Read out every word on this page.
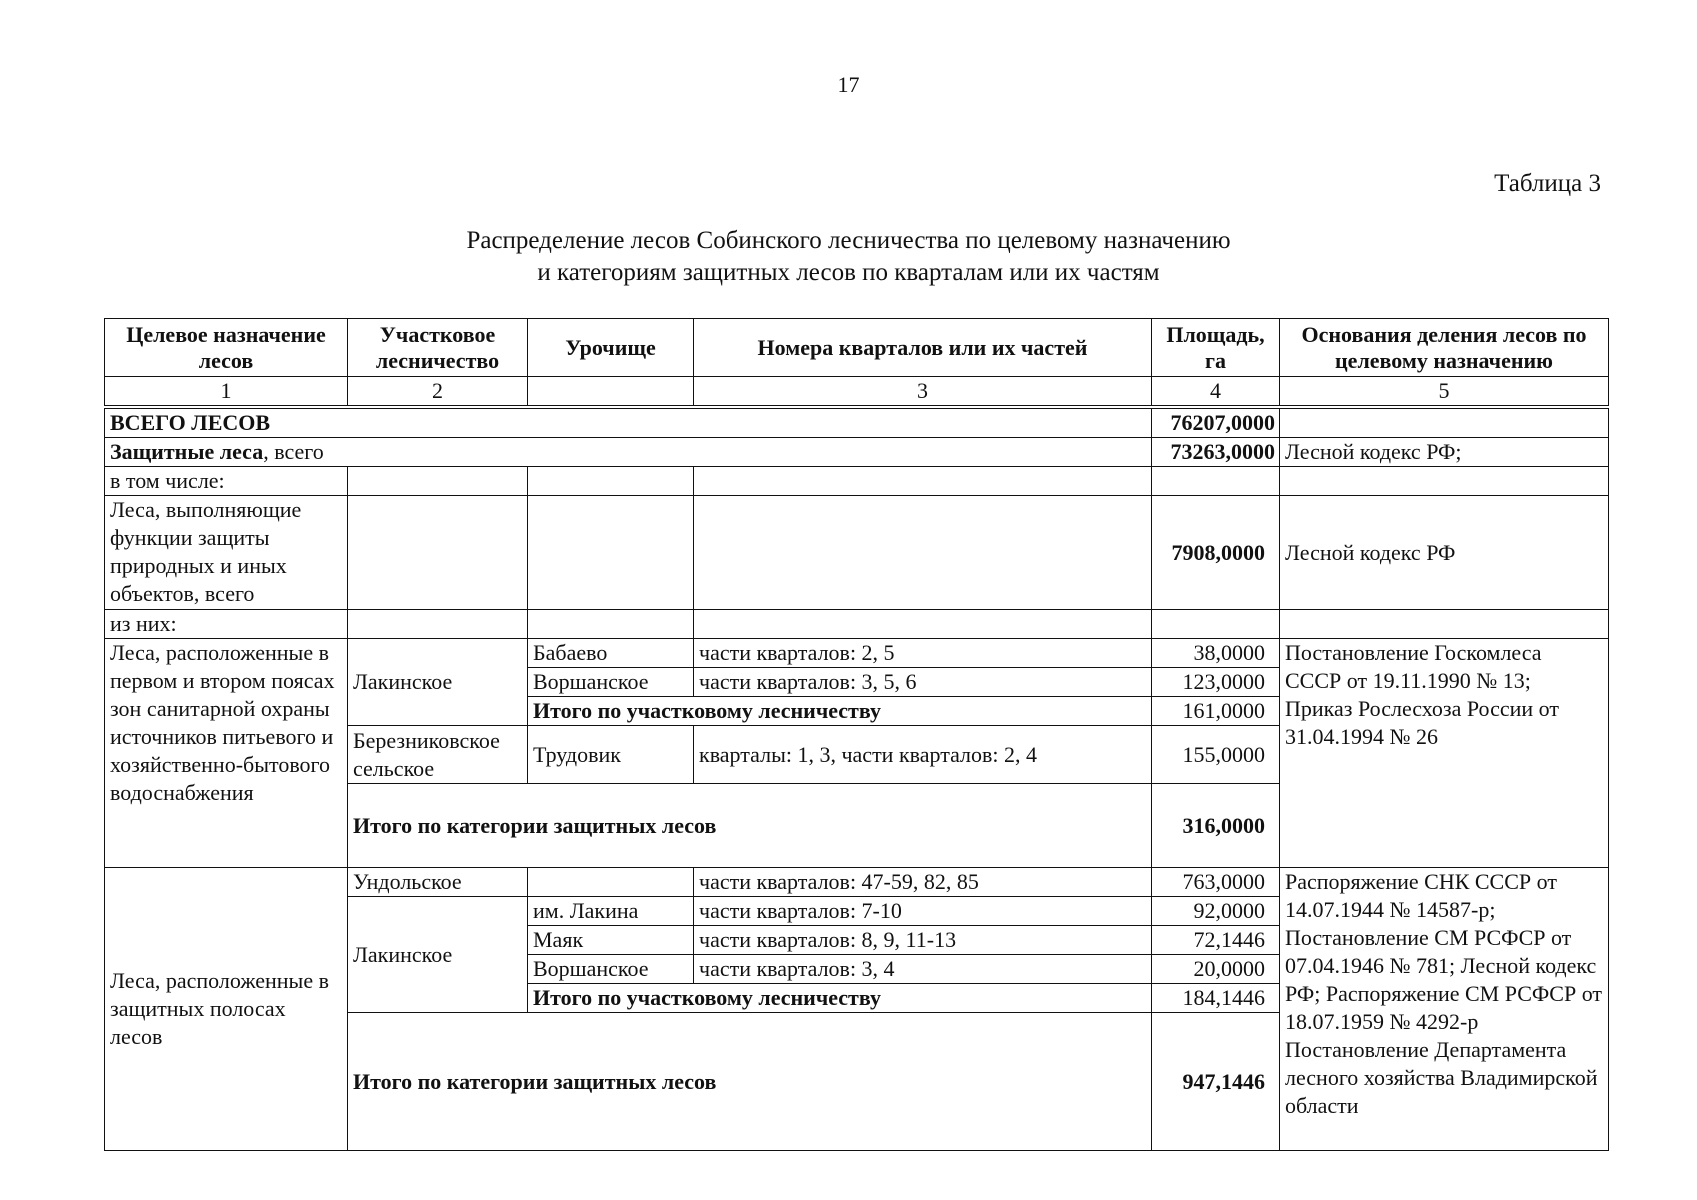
17
Таблица 3
Распределение лесов Собинского лесничества по целевому назначению
и категориям защитных лесов по кварталам или их частям
Целевое назначение лесов	Участковое лесничество	Урочище	Номера кварталов или их частей	Площадь, га	Основания деления лесов по целевому назначению
1	2		3	4	5
ВСЕГО ЛЕСОВ				76207,0000	
Защитные леса, всего				73263,0000	Лесной кодекс РФ;
в том числе:					
Леса, выполняющие функции защиты природных и иных объектов, всего				7908,0000	Лесной кодекс РФ
из них:					
Леса, расположенные в первом и втором поясах зон санитарной охраны источников питьевого и хозяйственно-бытового водоснабжения	Лакинское	Бабаево	части кварталов: 2, 5	38,0000	Постановление Госкомлеса СССР от 19.11.1990 № 13; Приказ Рослесхоза России от 31.04.1994 № 26
		Воршанское	части кварталов: 3, 5, 6	123,0000	
		Итого по участковому лесничеству		161,0000	
	Березниковское сельское	Трудовик	кварталы: 1, 3, части кварталов: 2, 4	155,0000	
	Итого по категории защитных лесов			316,0000	
Леса, расположенные в защитных полосах лесов	Ундольское		части кварталов: 47-59, 82, 85	763,0000	Распоряжение СНК СССР от 14.07.1944 № 14587-р; Постановление СМ РСФСР от 07.04.1946 № 781; Лесной кодекс РФ; Распоряжение СМ РСФСР от 18.07.1959 № 4292-р Постановление Департамента лесного хозяйства Владимирской области
	Лакинское	им. Лакина	части кварталов: 7-10	92,0000	
		Маяк	части кварталов: 8, 9, 11-13	72,1446	
		Воршанское	части кварталов: 3, 4	20,0000	
		Итого по участковому лесничеству		184,1446	
	Итого по категории защитных лесов			947,1446	
